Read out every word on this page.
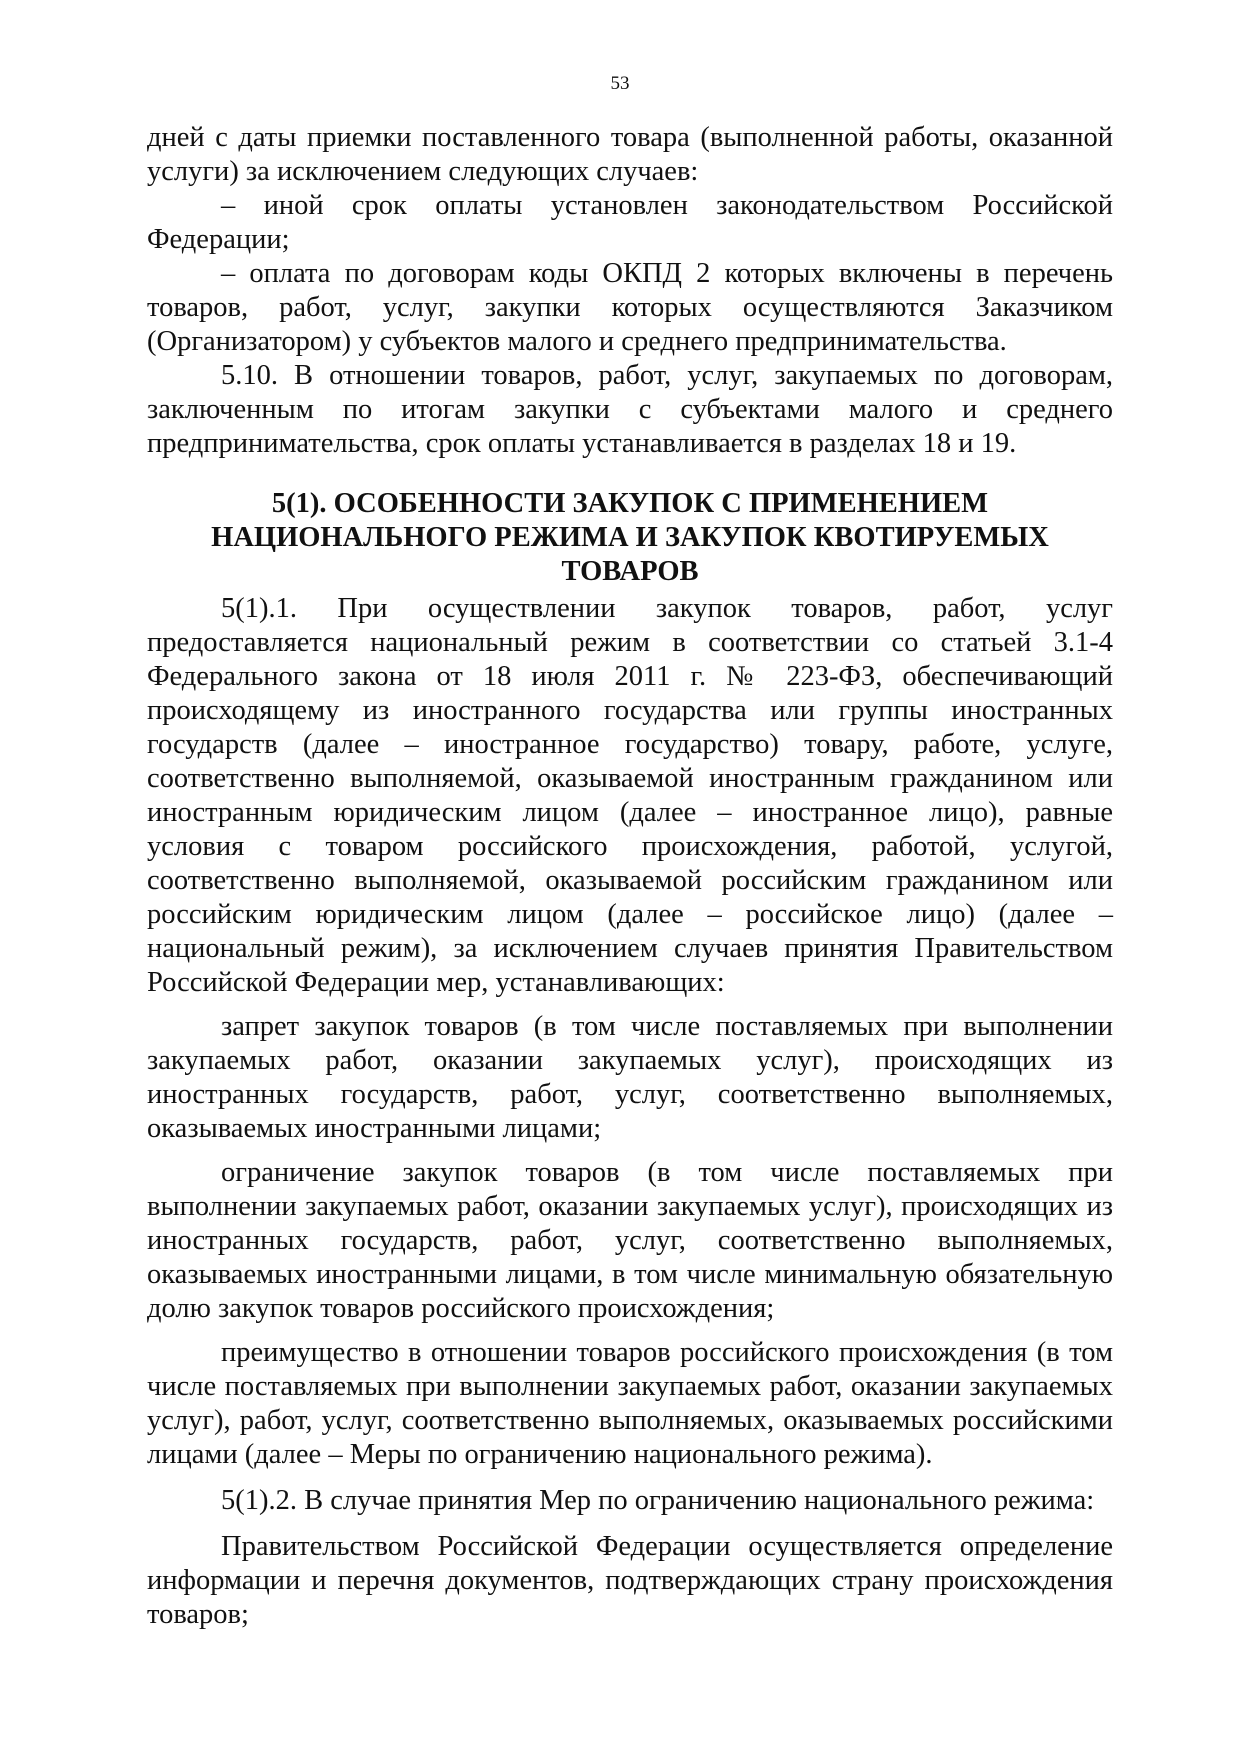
53

дней с даты приемки поставленного товара (выполненной работы, оказанной услуги) за исключением следующих случаев:

– иной срок оплаты установлен законодательством Российской Федерации;

– оплата по договорам коды ОКПД 2 которых включены в перечень товаров, работ, услуг, закупки которых осуществляются Заказчиком (Организатором) у субъектов малого и среднего предпринимательства.

5.10. В отношении товаров, работ, услуг, закупаемых по договорам, заключенным по итогам закупки с субъектами малого и среднего предпринимательства, срок оплаты устанавливается в разделах 18 и 19.

5(1). ОСОБЕННОСТИ ЗАКУПОК С ПРИМЕНЕНИЕМ НАЦИОНАЛЬНОГО РЕЖИМА И ЗАКУПОК КВОТИРУЕМЫХ ТОВАРОВ

5(1).1. При осуществлении закупок товаров, работ, услуг предоставляется национальный режим в соответствии со статьей 3.1-4 Федерального закона от 18 июля 2011 г. № 223-ФЗ, обеспечивающий происходящему из иностранного государства или группы иностранных государств (далее – иностранное государство) товару, работе, услуге, соответственно выполняемой, оказываемой иностранным гражданином или иностранным юридическим лицом (далее – иностранное лицо), равные условия с товаром российского происхождения, работой, услугой, соответственно выполняемой, оказываемой российским гражданином или российским юридическим лицом (далее – российское лицо) (далее – национальный режим), за исключением случаев принятия Правительством Российской Федерации мер, устанавливающих:

запрет закупок товаров (в том числе поставляемых при выполнении закупаемых работ, оказании закупаемых услуг), происходящих из иностранных государств, работ, услуг, соответственно выполняемых, оказываемых иностранными лицами;

ограничение закупок товаров (в том числе поставляемых при выполнении закупаемых работ, оказании закупаемых услуг), происходящих из иностранных государств, работ, услуг, соответственно выполняемых, оказываемых иностранными лицами, в том числе минимальную обязательную долю закупок товаров российского происхождения;

преимущество в отношении товаров российского происхождения (в том числе поставляемых при выполнении закупаемых работ, оказании закупаемых услуг), работ, услуг, соответственно выполняемых, оказываемых российскими лицами (далее – Меры по ограничению национального режима).

5(1).2. В случае принятия Мер по ограничению национального режима:

Правительством Российской Федерации осуществляется определение информации и перечня документов, подтверждающих страну происхождения товаров;
